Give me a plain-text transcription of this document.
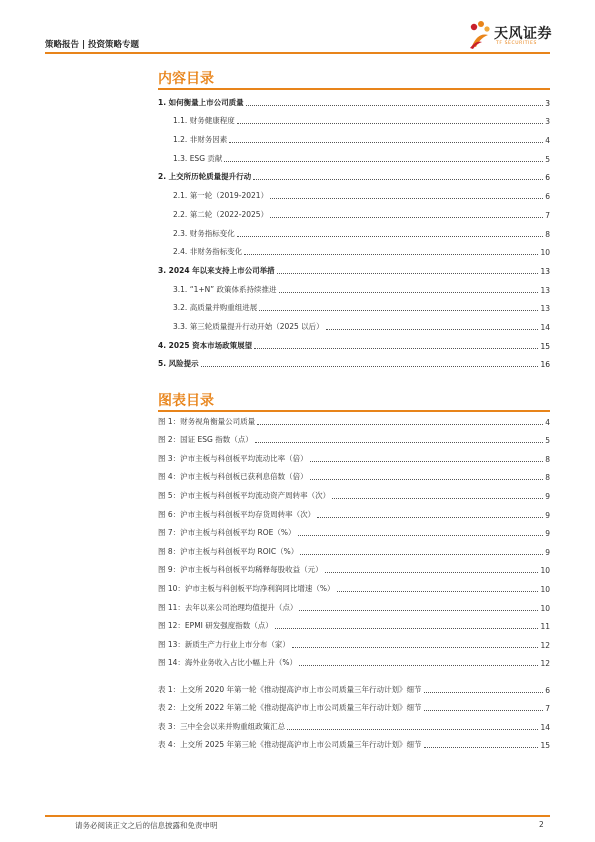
策略报告 | 投资策略专题
天风证券
TF SECURITIES
内容目录
1. 如何衡量上市公司质量	3
1.1. 财务健康程度	3
1.2. 非财务因素	4
1.3. ESG 贡献	5
2. 上交所历轮质量提升行动	6
2.1. 第一轮（2019-2021）	6
2.2. 第二轮（2022-2025）	7
2.3. 财务指标变化	8
2.4. 非财务指标变化	10
3. 2024 年以来支持上市公司举措	13
3.1. “1+N” 政策体系持续推进	13
3.2. 高质量并购重组进展	13
3.3. 第三轮质量提升行动开始（2025 以后）	14
4. 2025 资本市场政策展望	15
5. 风险提示	16
图表目录
图 1：财务视角衡量公司质量	4
图 2：国证 ESG 指数（点）	5
图 3：沪市主板与科创板平均流动比率（倍）	8
图 4：沪市主板与科创板已获利息倍数（倍）	8
图 5：沪市主板与科创板平均流动资产周转率（次）	9
图 6：沪市主板与科创板平均存货周转率（次）	9
图 7：沪市主板与科创板平均 ROE（%）	9
图 8：沪市主板与科创板平均 ROIC（%）	9
图 9：沪市主板与科创板平均稀释每股收益（元）	10
图 10：沪市主板与科创板平均净利润同比增速（%）	10
图 11：去年以来公司治理均值提升（点）	10
图 12：EPMI 研发强度指数（点）	11
图 13：新质生产力行业上市分布（家）	12
图 14：海外业务收入占比小幅上升（%）	12
表 1：上交所 2020 年第一轮《推动提高沪市上市公司质量三年行动计划》细节	6
表 2：上交所 2022 年第二轮《推动提高沪市上市公司质量三年行动计划》细节	7
表 3：三中全会以来并购重组政策汇总	14
表 4：上交所 2025 年第三轮《推动提高沪市上市公司质量三年行动计划》细节	15
请务必阅读正文之后的信息披露和免责申明	2
